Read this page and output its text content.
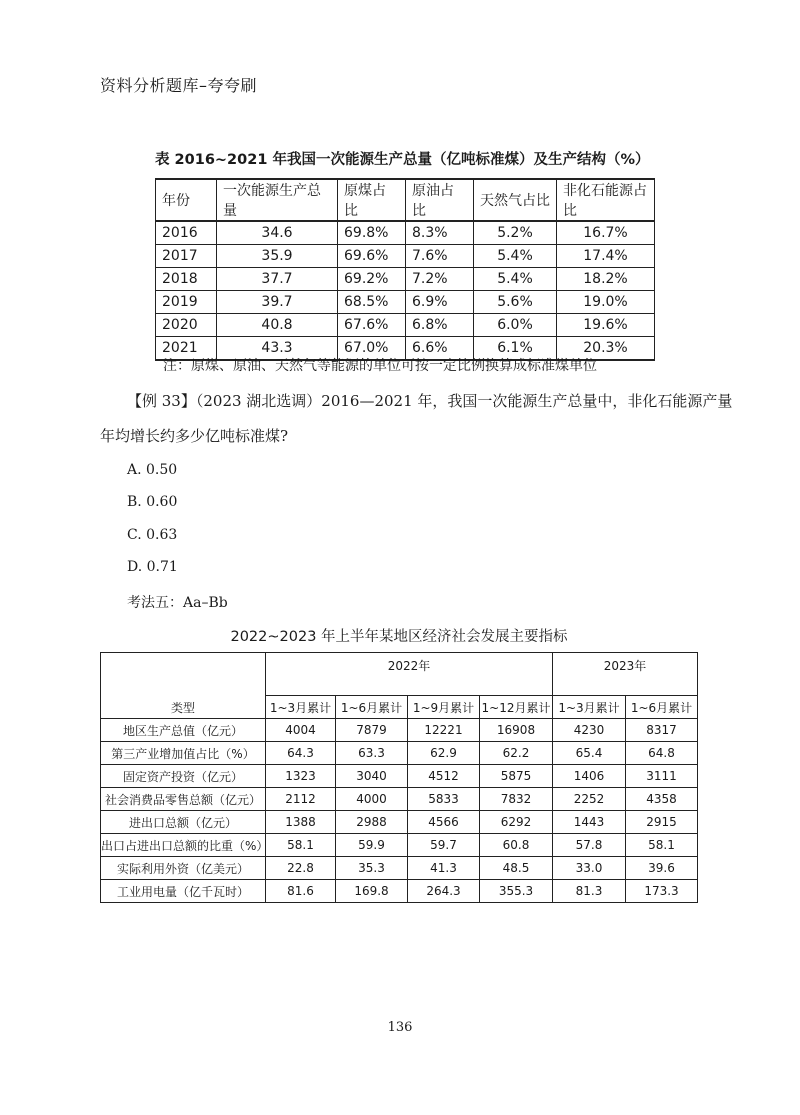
资料分析题库–夸夸刷
表 2016~2021 年我国一次能源生产总量（亿吨标准煤）及生产结构（%）
年份	一次能源生产总量	原煤占比	原油占比	天然气占比	非化石能源占比
2016	34.6	69.8%	8.3%	5.2%	16.7%
2017	35.9	69.6%	7.6%	5.4%	17.4%
2018	37.7	69.2%	7.2%	5.4%	18.2%
2019	39.7	68.5%	6.9%	5.6%	19.0%
2020	40.8	67.6%	6.8%	6.0%	19.6%
2021	43.3	67.0%	6.6%	6.1%	20.3%
注：原煤、原油、天然气等能源的单位可按一定比例换算成标准煤单位
【例 33】（2023 湖北选调）2016—2021 年，我国一次能源生产总量中，非化石能源产量
年均增长约多少亿吨标准煤?
A. 0.50
B. 0.60
C. 0.63
D. 0.71
考法五：Aa–Bb
2022~2023 年上半年某地区经济社会发展主要指标
类型	2022年				2023年	
	1~3月累计	1~6月累计	1~9月累计	1~12月累计	1~3月累计	1~6月累计
地区生产总值（亿元）	4004	7879	12221	16908	4230	8317
第三产业增加值占比（%）	64.3	63.3	62.9	62.2	65.4	64.8
固定资产投资（亿元）	1323	3040	4512	5875	1406	3111
社会消费品零售总额（亿元）	2112	4000	5833	7832	2252	4358
进出口总额（亿元）	1388	2988	4566	6292	1443	2915
出口占进出口总额的比重（%）	58.1	59.9	59.7	60.8	57.8	58.1
实际利用外资（亿美元）	22.8	35.3	41.3	48.5	33.0	39.6
工业用电量（亿千瓦时）	81.6	169.8	264.3	355.3	81.3	173.3
136
